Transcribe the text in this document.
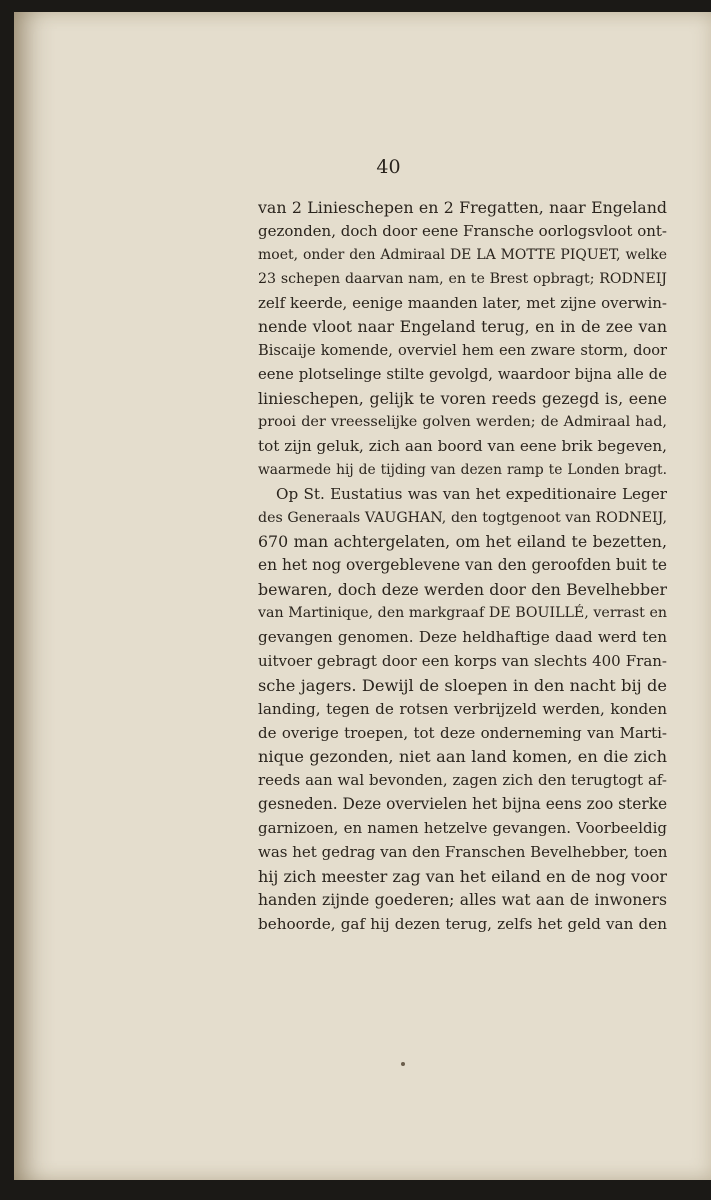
40
van 2 Linieschepen en 2 Fregatten, naar Engeland
gezonden, doch door eene Fransche oorlogsvloot ont-
moet, onder den Admiraal DE LA MOTTE PIQUET, welke
23 schepen daarvan nam, en te Brest opbragt; RODNEIJ
zelf keerde, eenige maanden later, met zijne overwin-
nende vloot naar Engeland terug, en in de zee van
Biscaije komende, overviel hem een zware storm, door
eene plotselinge stilte gevolgd, waardoor bijna alle de
linieschepen, gelijk te voren reeds gezegd is, eene
prooi der vreesselijke golven werden; de Admiraal had,
tot zijn geluk, zich aan boord van eene brik begeven,
waarmede hij de tijding van dezen ramp te Londen bragt.
Op St. Eustatius was van het expeditionaire Leger
des Generaals VAUGHAN, den togtgenoot van RODNEIJ,
670 man achtergelaten, om het eiland te bezetten,
en het nog overgeblevene van den geroofden buit te
bewaren, doch deze werden door den Bevelhebber
van Martinique, den markgraaf DE BOUILLÉ, verrast en
gevangen genomen. Deze heldhaftige daad werd ten
uitvoer gebragt door een korps van slechts 400 Fran-
sche jagers. Dewijl de sloepen in den nacht bij de
landing, tegen de rotsen verbrijzeld werden, konden
de overige troepen, tot deze onderneming van Marti-
nique gezonden, niet aan land komen, en die zich
reeds aan wal bevonden, zagen zich den terugtogt af-
gesneden. Deze overvielen het bijna eens zoo sterke
garnizoen, en namen hetzelve gevangen. Voorbeeldig
was het gedrag van den Franschen Bevelhebber, toen
hij zich meester zag van het eiland en de nog voor
handen zijnde goederen; alles wat aan de inwoners
behoorde, gaf hij dezen terug, zelfs het geld van den
